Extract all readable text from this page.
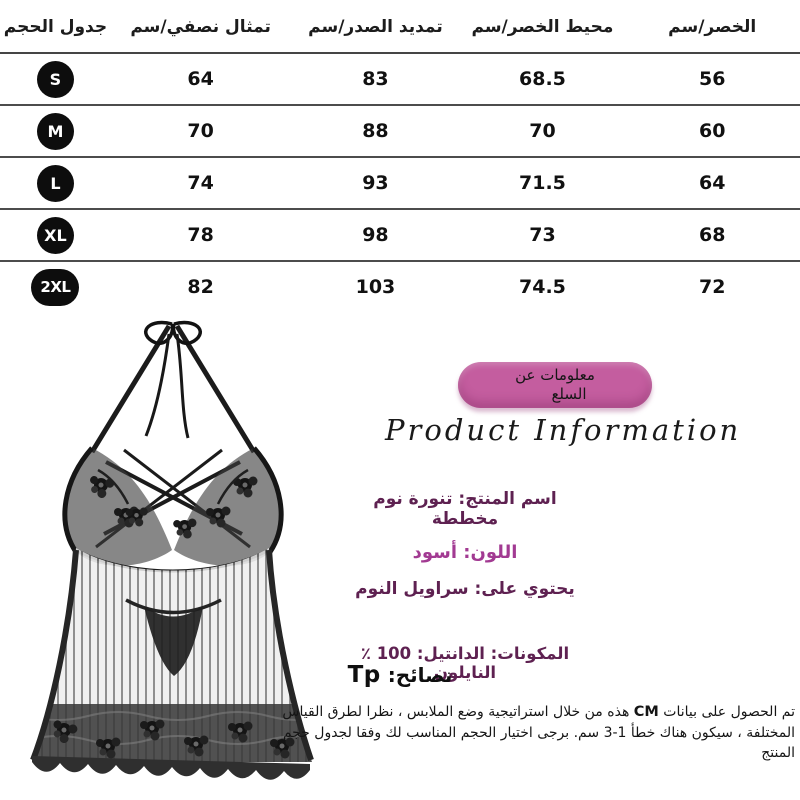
الخصر/سم	محيط الخصر/سم	تمديد الصدر/سم	تمثال نصفي/سم	جدول الحجم
56	68.5	83	64	S
60	70	88	70	M
64	71.5	93	74	L
68	73	98	78	XL
72	74.5	103	82	2XL
معلومات عن
السلع
Product Information
اسم المنتج: تنورة نوم مخططة
اللون: أسود
يحتوي على: سراويل النوم
المكونات: الدانتيل: 100 ٪ النايلون
نصائح: Tp
تم الحصول على بيانات CM هذه من خلال استراتيجية وضع الملابس ، نظرا لطرق القياس المختلفة ، سيكون هناك خطأ 1-3 سم. برجى اختيار الحجم المناسب لك وفقا لجدول حجم المنتج
